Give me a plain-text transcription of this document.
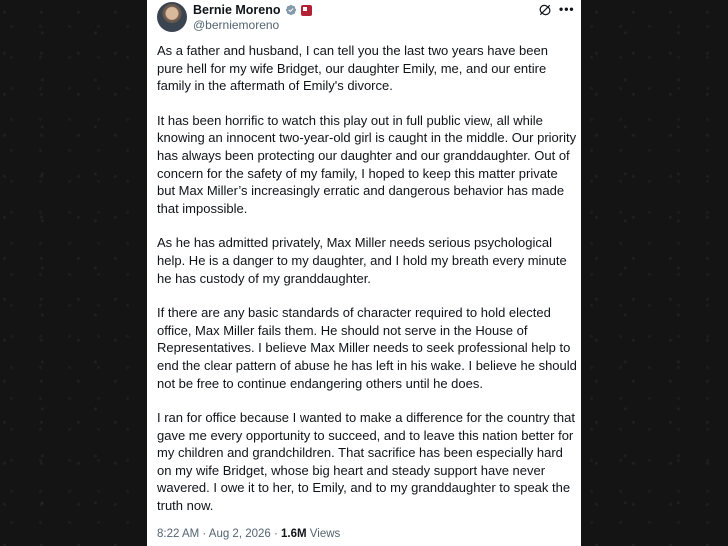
Bernie Moreno
@berniemoreno
•••

As a father and husband, I can tell you the last two years have been pure hell for my wife Bridget, our daughter Emily, me, and our entire family in the aftermath of Emily's divorce.

It has been horrific to watch this play out in full public view, all while knowing an innocent two-year-old girl is caught in the middle. Our priority has always been protecting our daughter and our granddaughter. Out of concern for the safety of my family, I hoped to keep this matter private but Max Miller’s increasingly erratic and dangerous behavior has made that impossible.

As he has admitted privately, Max Miller needs serious psychological help. He is a danger to my daughter, and I hold my breath every minute he has custody of my granddaughter.

If there are any basic standards of character required to hold elected office, Max Miller fails them. He should not serve in the House of Representatives. I believe Max Miller needs to seek professional help to end the clear pattern of abuse he has left in his wake. I believe he should not be free to continue endangering others until he does.

I ran for office because I wanted to make a difference for the country that gave me every opportunity to succeed, and to leave this nation better for my children and grandchildren. That sacrifice has been especially hard on my wife Bridget, whose big heart and steady support have never wavered. I owe it to her, to Emily, and to my granddaughter to speak the truth now.

8:22 AM · Aug 2, 2026 · 1.6M Views
